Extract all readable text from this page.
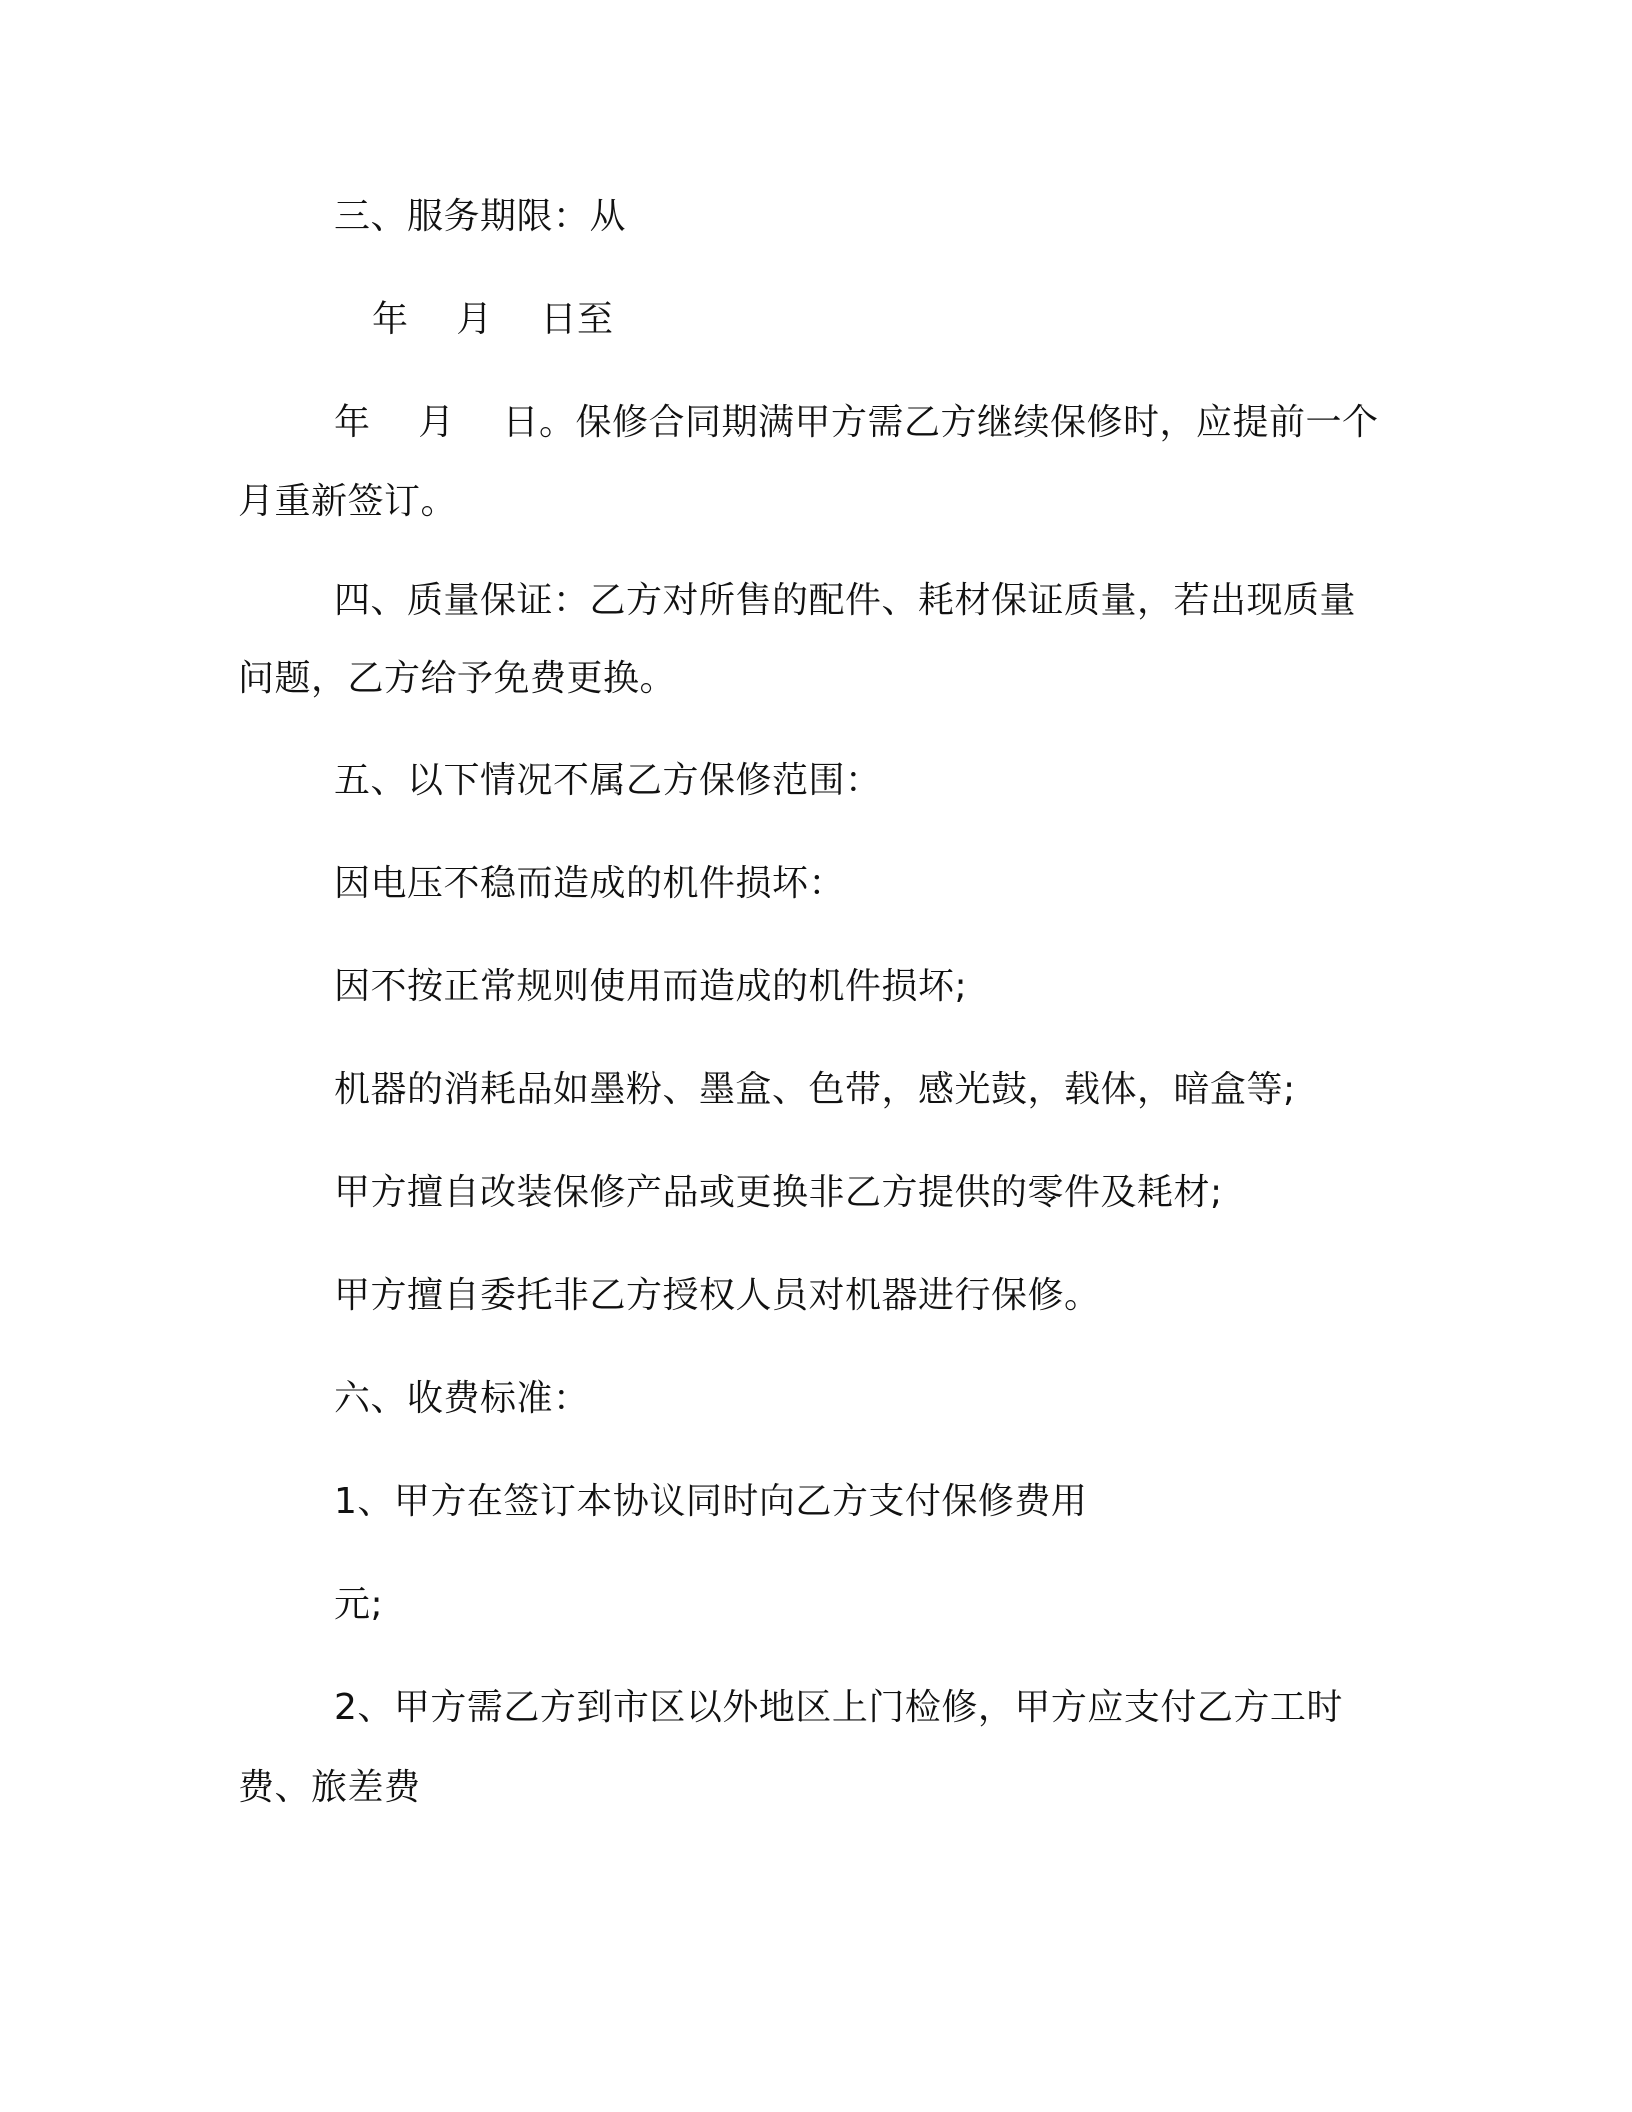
三、服务期限：从
年    月    日至
年    月    日。保修合同期满甲方需乙方继续保修时，应提前一个
月重新签订。
四、质量保证：乙方对所售的配件、耗材保证质量，若出现质量
问题，乙方给予免费更换。
五、以下情况不属乙方保修范围：
因电压不稳而造成的机件损坏：
因不按正常规则使用而造成的机件损坏;
机器的消耗品如墨粉、墨盒、色带，感光鼓，载体，暗盒等;
甲方擅自改装保修产品或更换非乙方提供的零件及耗材;
甲方擅自委托非乙方授权人员对机器进行保修。
六、收费标准：
1、甲方在签订本协议同时向乙方支付保修费用
元;
2、甲方需乙方到市区以外地区上门检修，甲方应支付乙方工时
费、旅差费
